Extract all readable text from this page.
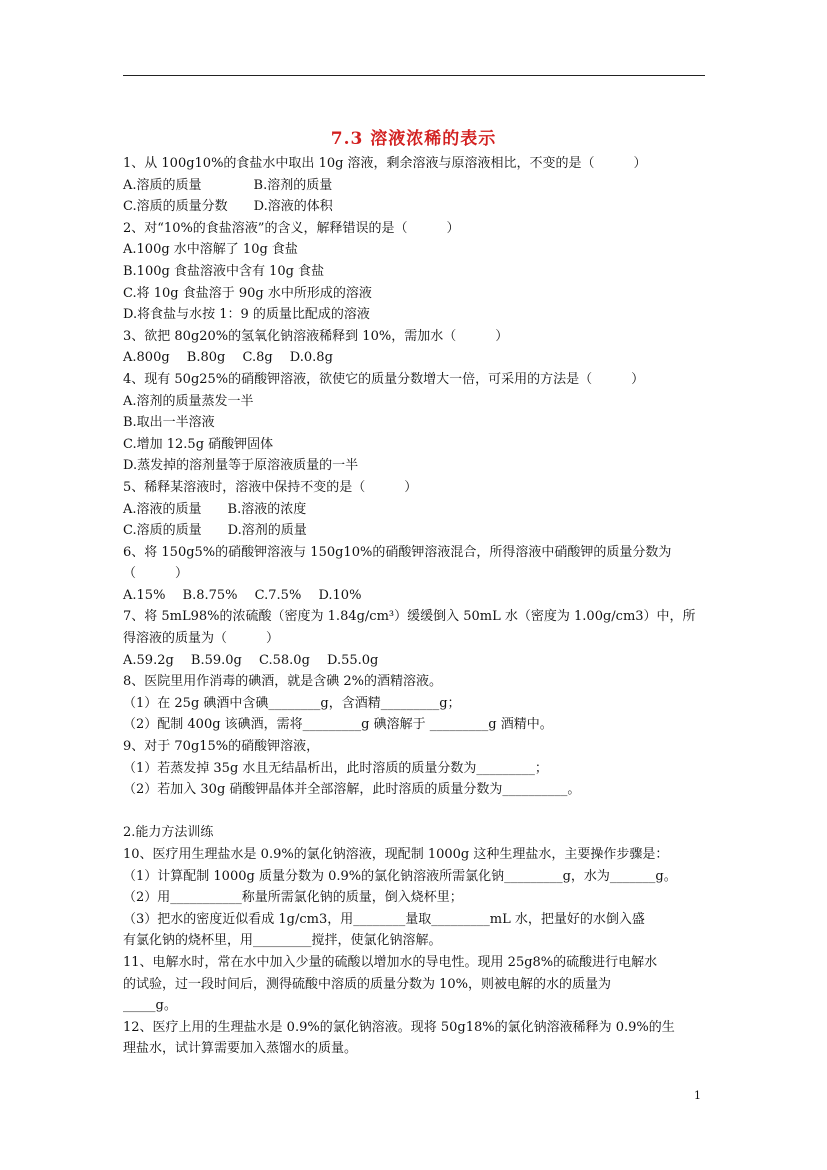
7.3 溶液浓稀的表示
1、从 100g10%的食盐水中取出 10g 溶液，剩余溶液与原溶液相比，不变的是（　　　）
A.溶质的质量　　　　B.溶剂的质量
C.溶质的质量分数　　D.溶液的体积
2、对“10%的食盐溶液”的含义，解释错误的是（　　　）
A.100g 水中溶解了 10g 食盐
B.100g 食盐溶液中含有 10g 食盐
C.将 10g 食盐溶于 90g 水中所形成的溶液
D.将食盐与水按 1：9 的质量比配成的溶液
3、欲把 80g20%的氢氧化钠溶液稀释到 10%，需加水（　　　）
A.800g　 B.80g　 C.8g　 D.0.8g
4、现有 50g25%的硝酸钾溶液，欲使它的质量分数增大一倍，可采用的方法是（　　　）
A.溶剂的质量蒸发一半
B.取出一半溶液
C.增加 12.5g 硝酸钾固体
D.蒸发掉的溶剂量等于原溶液质量的一半
5、稀释某溶液时，溶液中保持不变的是（　　　）
A.溶液的质量　　B.溶液的浓度
C.溶质的质量　　D.溶剂的质量
6、将 150g5%的硝酸钾溶液与 150g10%的硝酸钾溶液混合，所得溶液中硝酸钾的质量分数为
（　　　）
A.15%　 B.8.75%　 C.7.5%　 D.10%
7、将 5mL98%的浓硫酸（密度为 1.84g/cm³）缓缓倒入 50mL 水（密度为 1.00g/cm3）中，所
得溶液的质量为（　　　）
A.59.2g　 B.59.0g　 C.58.0g　 D.55.0g
8、医院里用作消毒的碘酒，就是含碘 2%的酒精溶液。
（1）在 25g 碘酒中含碘________g，含酒精_________g；
（2）配制 400g 该碘酒，需将_________g 碘溶解于 _________g 酒精中。
9、对于 70g15%的硝酸钾溶液，
（1）若蒸发掉 35g 水且无结晶析出，此时溶质的质量分数为_________；
（2）若加入 30g 硝酸钾晶体并全部溶解，此时溶质的质量分数为__________。
2.能力方法训练
10、医疗用生理盐水是 0.9%的氯化钠溶液，现配制 1000g 这种生理盐水，主要操作步骤是：
（1）计算配制 1000g 质量分数为 0.9%的氯化钠溶液所需氯化钠_________g，水为_______g。
（2）用___________称量所需氯化钠的质量，倒入烧杯里；
（3）把水的密度近似看成 1g/cm3，用________量取_________mL 水，把量好的水倒入盛
有氯化钠的烧杯里，用_________搅拌，使氯化钠溶解。
11、电解水时，常在水中加入少量的硫酸以增加水的导电性。现用 25g8%的硫酸进行电解水
的试验，过一段时间后，测得硫酸中溶质的质量分数为 10%，则被电解的水的质量为
_____g。
12、医疗上用的生理盐水是 0.9%的氯化钠溶液。现将 50g18%的氯化钠溶液稀释为 0.9%的生
理盐水，试计算需要加入蒸馏水的质量。
1
